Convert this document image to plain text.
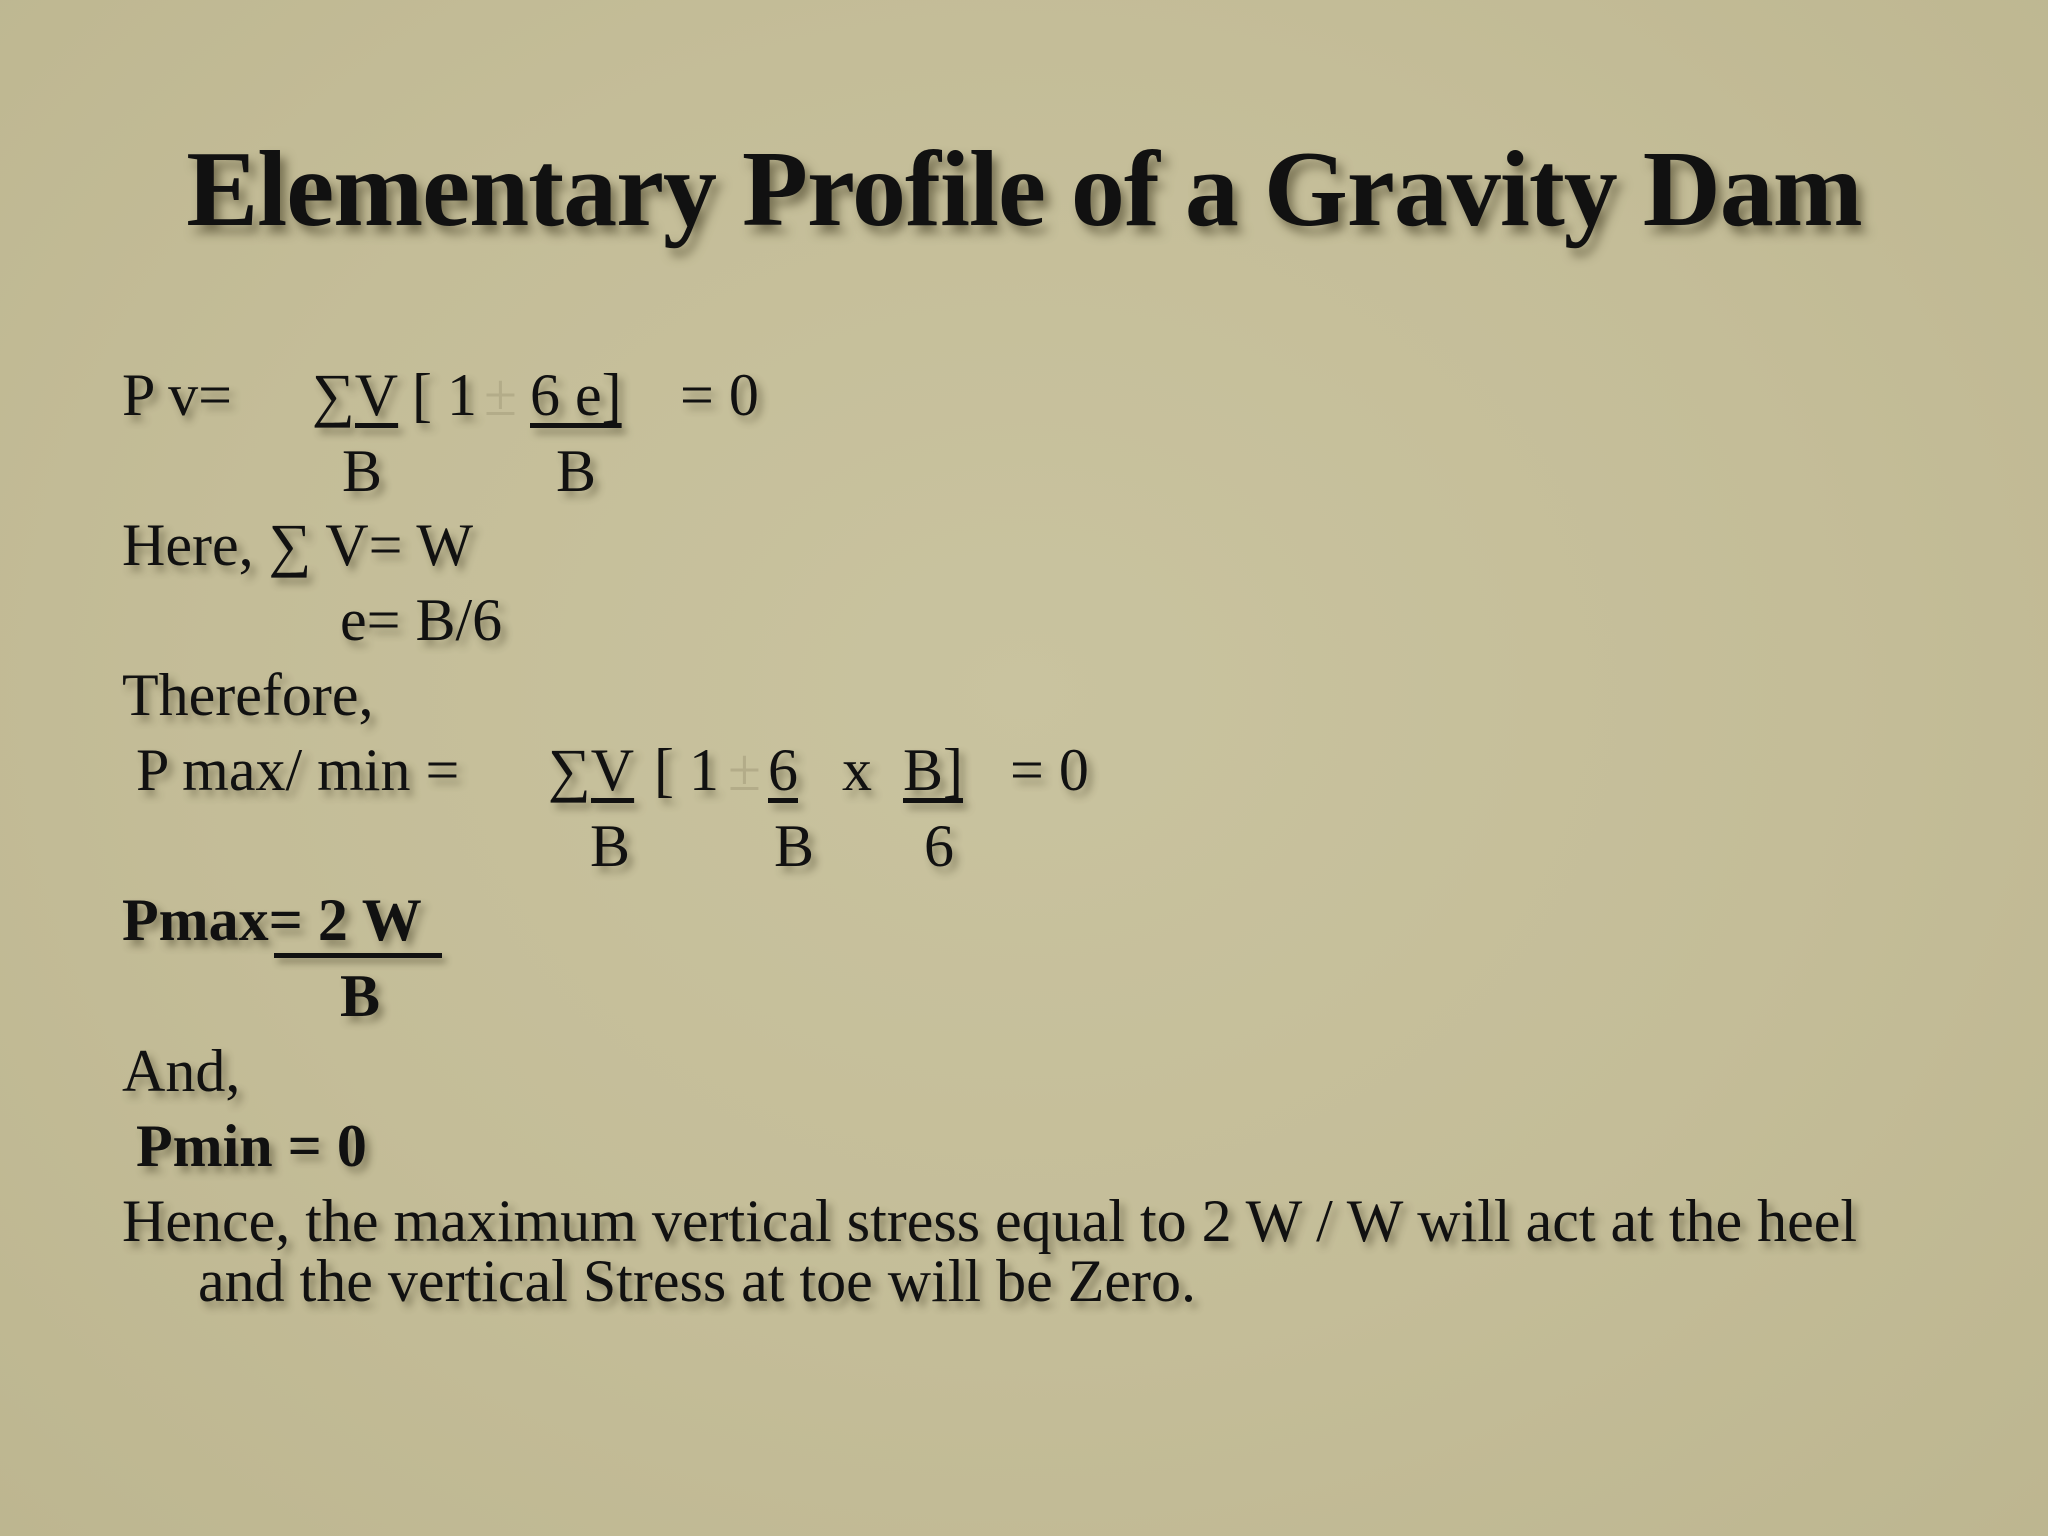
Elementary Profile of a Gravity Dam
P v= ∑V [ 1 ± 6 e] = 0
B	B
Here, ∑ V= W
e= B/6
Therefore,
P max/ min = ∑V [ 1 ± 6 x B] = 0
B B 6
Pmax= 2 W
B
And,
Pmin = 0
Hence, the maximum vertical stress equal to 2 W / W will act at the heel
and the vertical Stress at toe will be Zero.
